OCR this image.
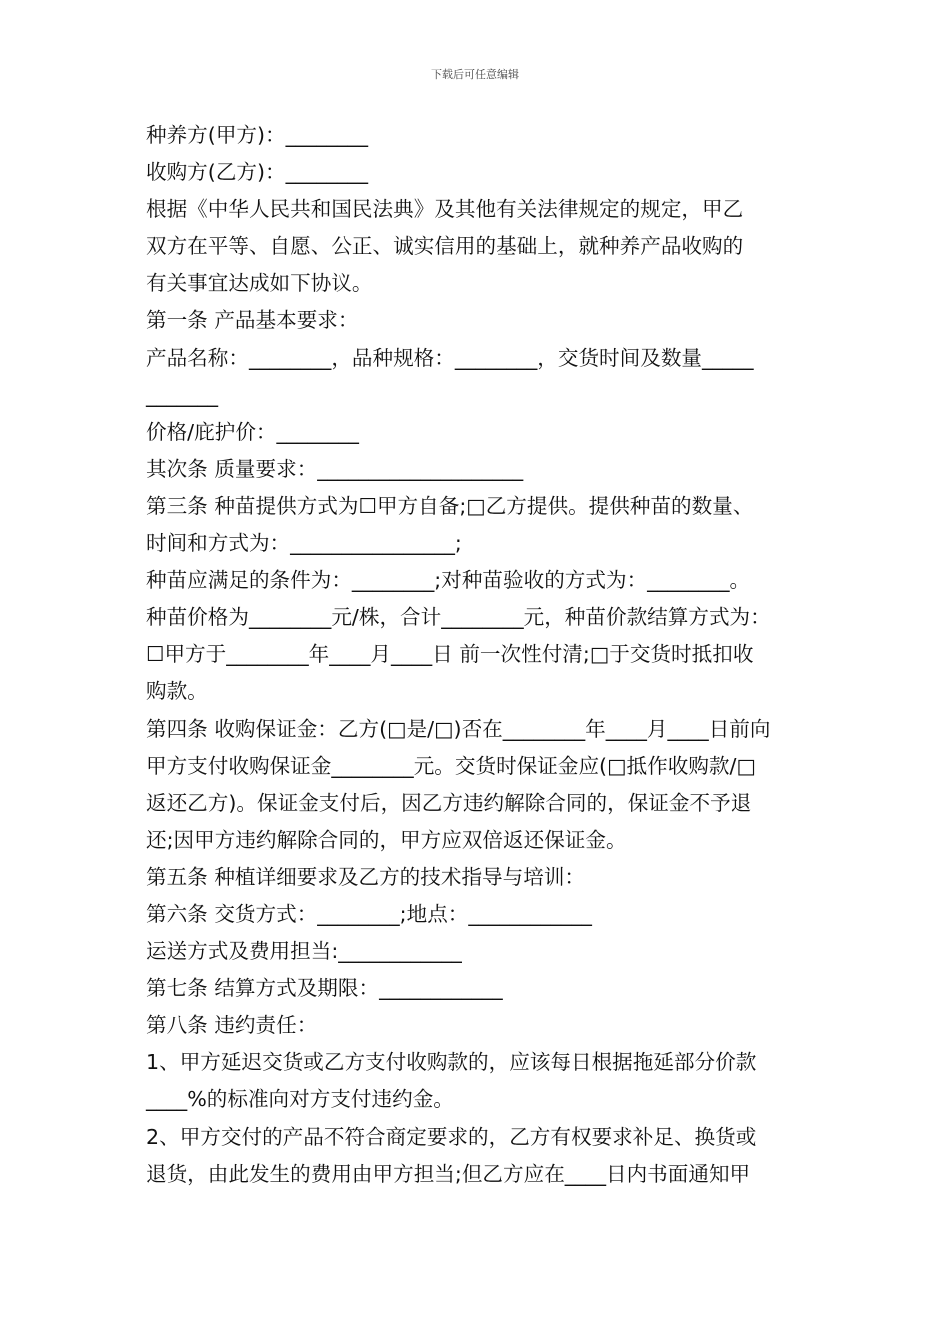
下载后可任意编辑
种养方(甲方)：________
收购方(乙方)：________
根据《中华人民共和国民法典》及其他有关法律规定的规定，甲乙
双方在平等、自愿、公正、诚实信用的基础上，就种养产品收购的
有关事宜达成如下协议。
第一条 产品基本要求：
产品名称：________，品种规格：________，交货时间及数量_____
_______
价格/庇护价：________
其次条 质量要求：____________________
第三条 种苗提供方式为☐甲方自备;□乙方提供。提供种苗的数量、
时间和方式为：________________;
种苗应满足的条件为：________;对种苗验收的方式为：________。
种苗价格为________元/株，合计________元，种苗价款结算方式为：
☐甲方于________年____月____日 前一次性付清;□于交货时抵扣收
购款。
第四条 收购保证金：乙方(□是/□)否在________年____月____日前向
甲方支付收购保证金________元。交货时保证金应(□抵作收购款/□
返还乙方)。保证金支付后，因乙方违约解除合同的，保证金不予退
还;因甲方违约解除合同的，甲方应双倍返还保证金。
第五条 种植详细要求及乙方的技术指导与培训：
第六条 交货方式：________;地点：____________
运送方式及费用担当:____________
第七条 结算方式及期限：____________
第八条 违约责任：
1、甲方延迟交货或乙方支付收购款的，应该每日根据拖延部分价款
____%的标准向对方支付违约金。
2、甲方交付的产品不符合商定要求的，乙方有权要求补足、换货或
退货，由此发生的费用由甲方担当;但乙方应在____日内书面通知甲
